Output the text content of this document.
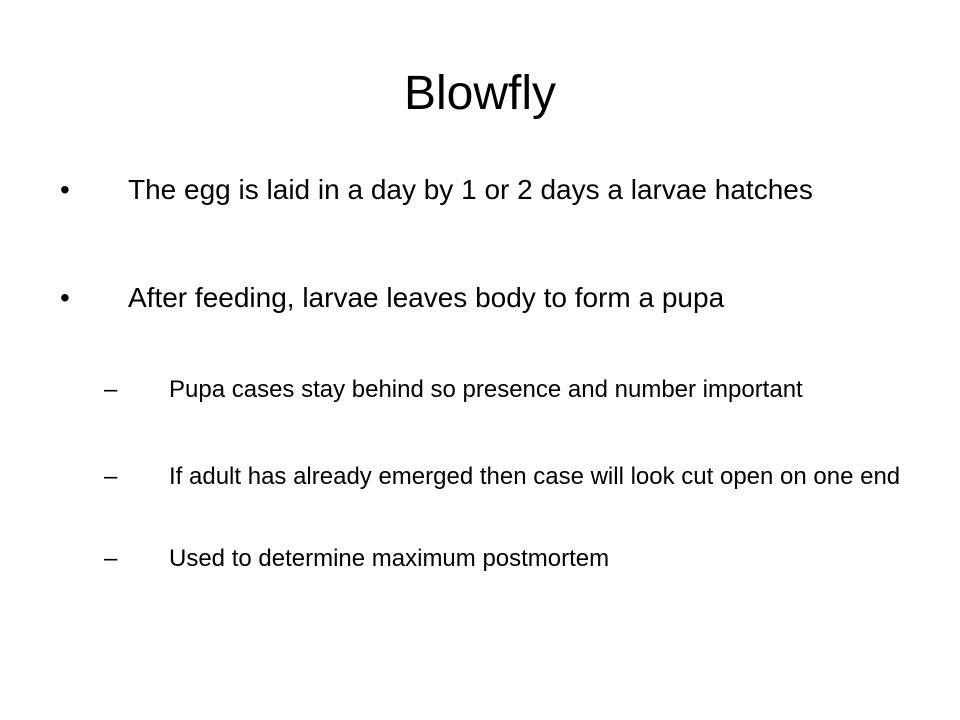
Blowfly
• The egg is laid in a day by 1 or 2 days a larvae hatches
• After feeding, larvae leaves body to form a pupa
– Pupa cases stay behind so presence and number important
– If adult has already emerged then case will look cut open on one end
– Used to determine maximum postmortem
